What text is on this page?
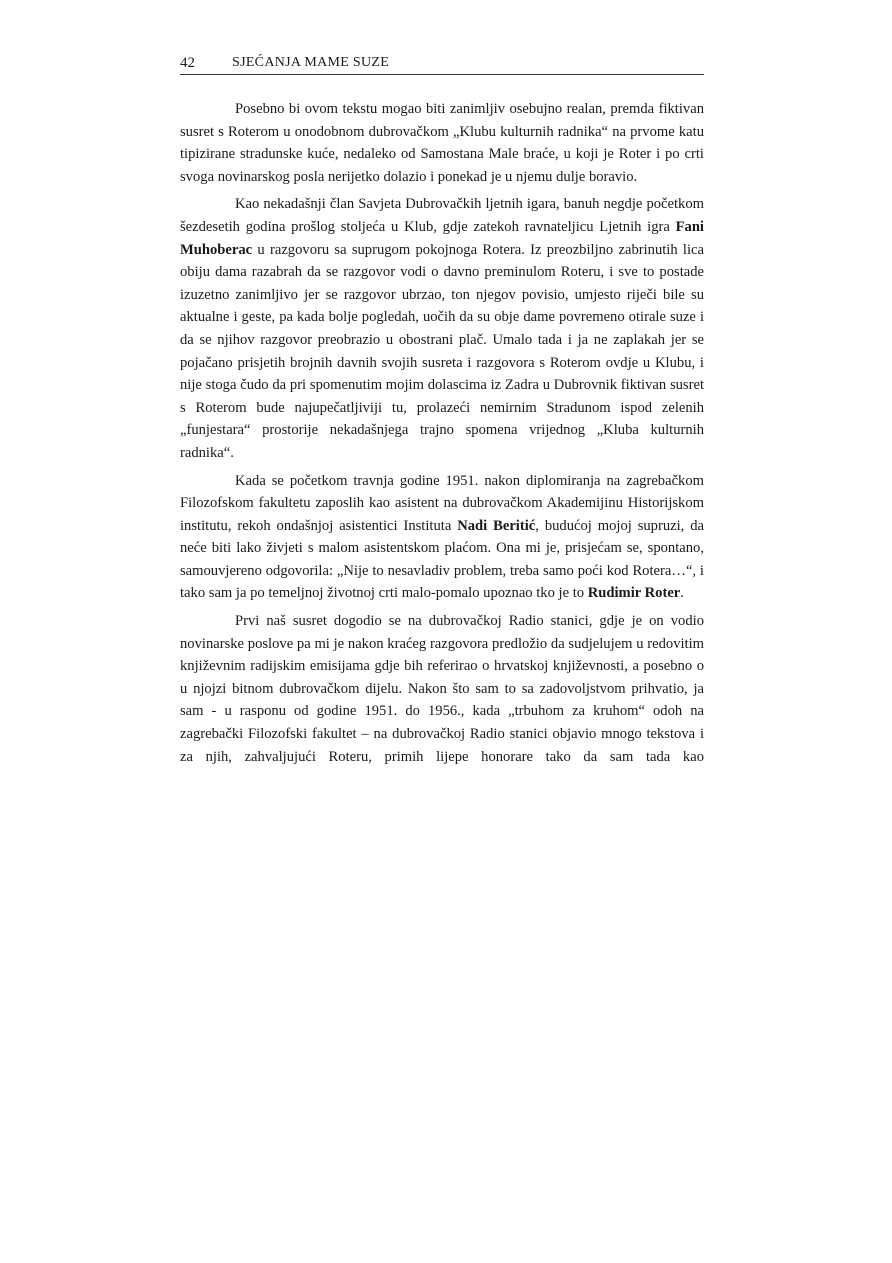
42	SJEĆANJA MAME SUZE

Posebno bi ovom tekstu mogao biti zanimljiv osebujno realan, premda fiktivan susret s Roterom u onodobnom dubrovačkom „Klubu kulturnih radnika“ na prvome katu tipizirane stradunske kuće, nedaleko od Samostana Male braće, u koji je Roter i po crti svoga novinarskog posla nerijetko dolazio i ponekad je u njemu dulje boravio.

Kao nekadašnji član Savjeta Dubrovačkih ljetnih igara, banuh negdje početkom šezdesetih godina prošlog stoljeća u Klub, gdje zatekoh ravnateljicu Ljetnih igra Fani Muhoberac u razgovoru sa suprugom pokojnoga Rotera. Iz preozbiljno zabrinutih lica obiju dama razabrah da se razgovor vodi o davno preminulom Roteru, i sve to postade izuzetno zanimljivo jer se razgovor ubrzao, ton njegov povisio, umjesto riječi bile su aktualne i geste, pa kada bolje pogledah, uočih da su obje dame povremeno otirale suze i da se njihov razgovor preobrazio u obostrani plač. Umalo tada i ja ne zaplakah jer se pojačano prisjetih brojnih davnih svojih susreta i razgovora s Roterom ovdje u Klubu, i nije stoga čudo da pri spomenutim mojim dolascima iz Zadra u Dubrovnik fiktivan susret s Roterom bude najupečatljiviji tu, prolazeći nemirnim Stradunom ispod zelenih „funjestara“ prostorije nekadašnjega trajno spomena vrijednog „Kluba kulturnih radnika“.

Kada se početkom travnja godine 1951. nakon diplomiranja na zagrebačkom Filozofskom fakultetu zaposlih kao asistent na dubrovačkom Akademijinu Historijskom institutu, rekoh ondašnjoj asistentici Instituta Nadi Beritić, budućoj mojoj supruzi, da neće biti lako živjeti s malom asistentskom plaćom. Ona mi je, prisjećam se, spontano, samouvjereno odgovorila: „Nije to nesavladiv problem, treba samo poći kod Rotera…“, i tako sam ja po temeljnoj životnoj crti malo-pomalo upoznao tko je to Rudimir Roter.

Prvi naš susret dogodio se na dubrovačkoj Radio stanici, gdje je on vodio novinarske poslove pa mi je nakon kraćeg razgovora predložio da sudjelujem u redovitim književnim radijskim emisijama gdje bih referirao o hrvatskoj književnosti, a posebno o u njojzi bitnom dubrovačkom dijelu. Nakon što sam to sa zadovoljstvom prihvatio, ja sam - u rasponu od godine 1951. do 1956., kada „trbuhom za kruhom“ odoh na zagrebački Filozofski fakultet – na dubrovačkoj Radio stanici objavio mnogo tekstova i za njih, zahvaljujući Roteru, primih lijepe honorare tako da sam tada kao
